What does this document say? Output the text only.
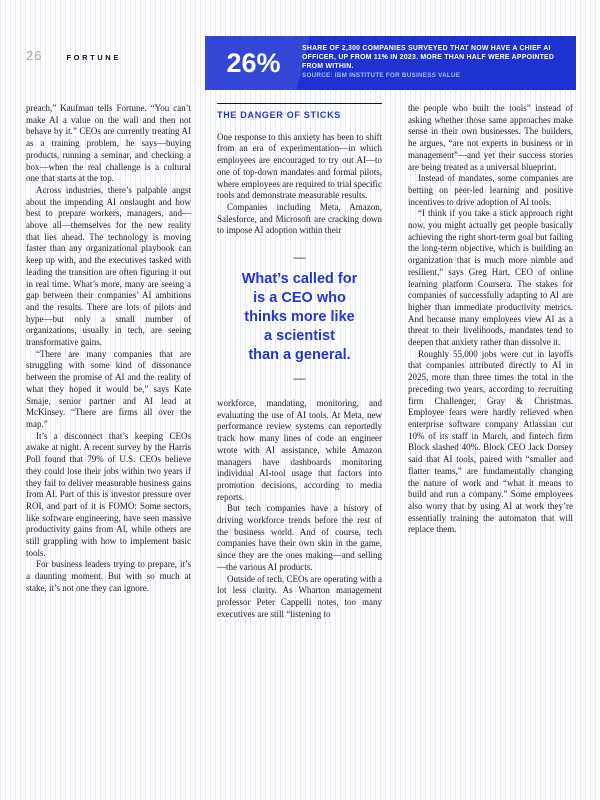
26	FORTUNE	26%	SHARE OF 2,300 COMPANIES SURVEYED THAT NOW HAVE A CHIEF AI OFFICER, UP FROM 11% IN 2023. MORE THAN HALF WERE APPOINTED FROM WITHIN.
SOURCE: IBM INSTITUTE FOR BUSINESS VALUE

preach,” Kaufman tells Fortune. “You can’t make AI a value on the wall and then not behave by it.” CEOs are currently treating AI as a training problem, he says—buying products, running a seminar, and checking a box—when the real challenge is a cultural one that starts at the top.

Across industries, there’s palpable angst about the impending AI onslaught and how best to prepare workers, managers, and—above all—themselves for the new reality that lies ahead. The technology is moving faster than any organizational playbook can keep up with, and the executives tasked with leading the transition are often figuring it out in real time. What’s more, many are seeing a gap between their companies’ AI ambitions and the results. There are lots of pilots and hype—but only a small number of organizations, usually in tech, are seeing transformative gains.

“There are many companies that are struggling with some kind of dissonance between the promise of AI and the reality of what they hoped it would be,” says Kate Smaje, senior partner and AI lead at McKinsey. “There are firms all over the map.”

It’s a disconnect that’s keeping CEOs awake at night. A recent survey by the Harris Poll found that 79% of U.S. CEOs believe they could lose their jobs within two years if they fail to deliver measurable business gains from AI. Part of this is investor pressure over ROI, and part of it is FOMO: Some sectors, like software engineering, have seen massive productivity gains from AI, while others are still grappling with how to implement basic tools.

For business leaders trying to prepare, it’s a daunting moment. But with so much at stake, it’s not one they can ignore.

THE DANGER OF STICKS

One response to this anxiety has been to shift from an era of experimentation—in which employees are encouraged to try out AI—to one of top-down mandates and formal pilots, where employees are required to trial specific tools and demonstrate measurable results.

Companies including Meta, Amazon, Salesforce, and Microsoft are cracking down to impose AI adoption within their

—
What’s called for
is a CEO who
thinks more like
a scientist
than a general.
—

workforce, mandating, monitoring, and evaluating the use of AI tools. At Meta, new performance review systems can reportedly track how many lines of code an engineer wrote with AI assistance, while Amazon managers have dashboards monitoring individual AI-tool usage that factors into promotion decisions, according to media reports.

But tech companies have a history of driving workforce trends before the rest of the business world. And of course, tech companies have their own skin in the game, since they are the ones making—and selling—the various AI products.

Outside of tech, CEOs are operating with a lot less clarity. As Wharton management professor Peter Cappelli notes, too many executives are still “listening to

the people who built the tools” instead of asking whether those same approaches make sense in their own businesses. The builders, he argues, “are not experts in business or in management”—and yet their success stories are being treated as a universal blueprint.

Instead of mandates, some companies are betting on peer-led learning and positive incentives to drive adoption of AI tools.

“I think if you take a stick approach right now, you might actually get people basically achieving the right short-term goal but failing the long-term objective, which is building an organization that is much more nimble and resilient,” says Greg Hart, CEO of online learning platform Coursera. The stakes for companies of successfully adapting to AI are higher than immediate productivity metrics. And because many employees view AI as a threat to their livelihoods, mandates tend to deepen that anxiety rather than dissolve it.

Roughly 55,000 jobs were cut in layoffs that companies attributed directly to AI in 2025, more than three times the total in the preceding two years, according to recruiting firm Challenger, Gray & Christmas. Employee fears were hardly relieved when enterprise software company Atlassian cut 10% of its staff in March, and fintech firm Block slashed 40%. Block CEO Jack Dorsey said that AI tools, paired with “smaller and flatter teams,” are fundamentally changing the nature of work and “what it means to build and run a company.” Some employees also worry that by using AI at work they’re essentially training the automaton that will replace them.
